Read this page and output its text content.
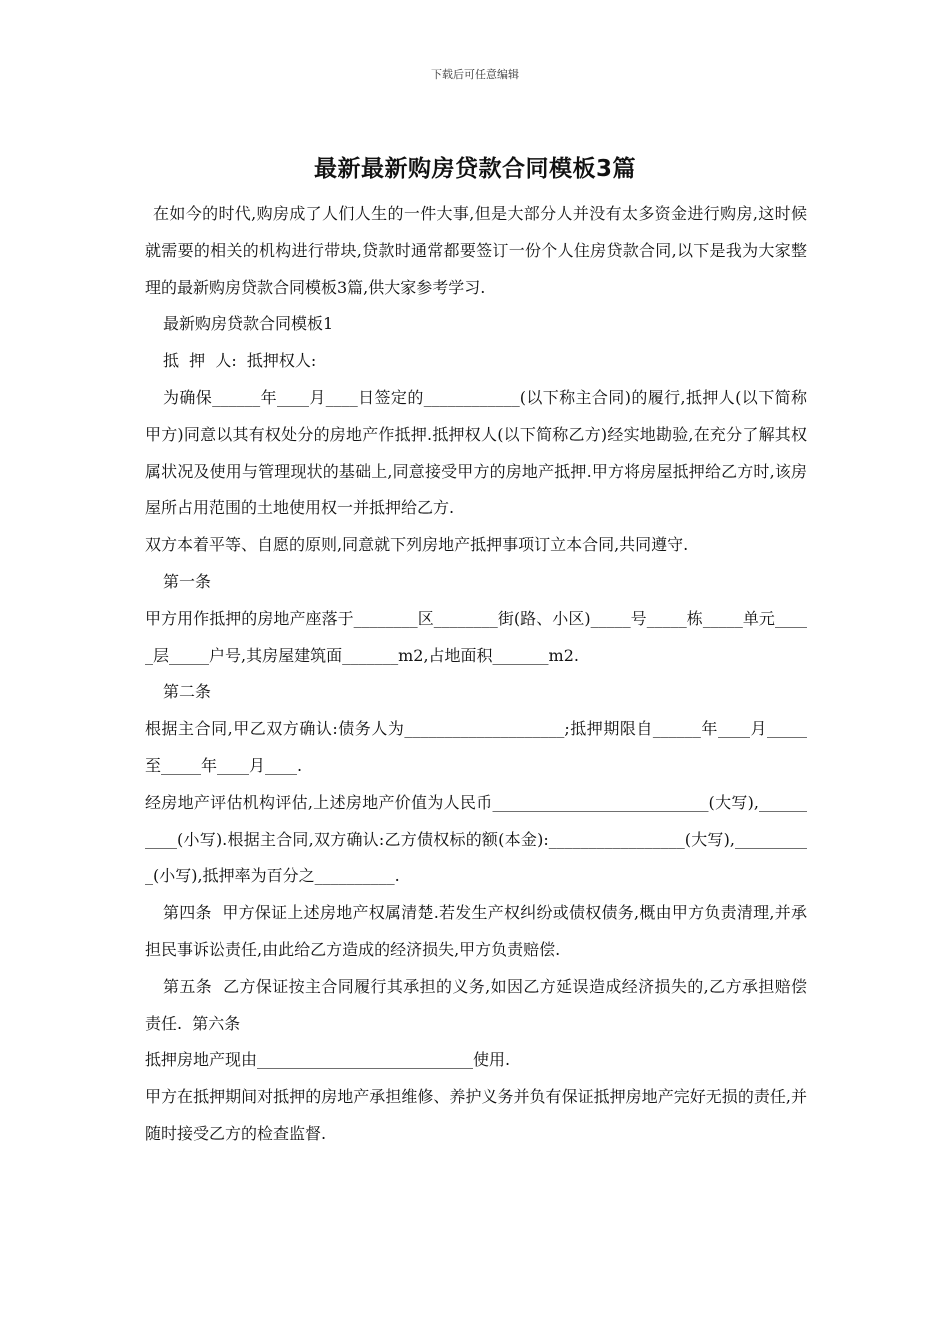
下载后可任意编辑
最新最新购房贷款合同模板3篇

在如今的时代,购房成了人们人生的一件大事,但是大部分人并没有太多资金进行购房,这时候就需要的相关的机构进行带块,贷款时通常都要签订一份个人住房贷款合同,以下是我为大家整理的最新购房贷款合同模板3篇,供大家参考学习.

最新购房贷款合同模板1

抵  押  人:  抵押权人:

为确保______年____月____日签定的____________(以下称主合同)的履行,抵押人(以下简称甲方)同意以其有权处分的房地产作抵押.抵押权人(以下简称乙方)经实地勘验,在充分了解其权属状况及使用与管理现状的基础上,同意接受甲方的房地产抵押.甲方将房屋抵押给乙方时,该房屋所占用范围的土地使用权一并抵押给乙方.

双方本着平等、自愿的原则,同意就下列房地产抵押事项订立本合同,共同遵守.

第一条

甲方用作抵押的房地产座落于________区________街(路、小区)_____号_____栋_____单元_____层_____户号,其房屋建筑面_______m2,占地面积_______m2.

第二条

根据主合同,甲乙双方确认:债务人为____________________;抵押期限自______年____月_____至_____年____月____.

经房地产评估机构评估,上述房地产价值为人民币___________________________(大写),__________(小写).根据主合同,双方确认:乙方债权标的额(本金):_________________(大写),__________(小写),抵押率为百分之__________.

第四条  甲方保证上述房地产权属清楚.若发生产权纠纷或债权债务,概由甲方负责清理,并承担民事诉讼责任,由此给乙方造成的经济损失,甲方负责赔偿.

第五条  乙方保证按主合同履行其承担的义务,如因乙方延误造成经济损失的,乙方承担赔偿责任.  第六条

抵押房地产现由___________________________使用.

甲方在抵押期间对抵押的房地产承担维修、养护义务并负有保证抵押房地产完好无损的责任,并随时接受乙方的检查监督.
